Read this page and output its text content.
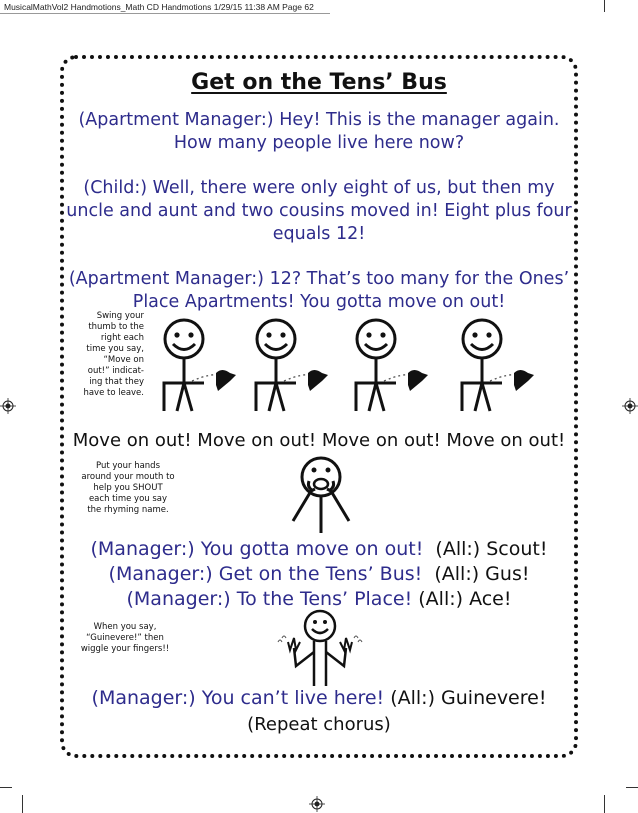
MusicalMathVol2 Handmotions_Math CD Handmotions 1/29/15 11:38 AM Page 62
Get on the Tens’ Bus
(Apartment Manager:) Hey! This is the manager again.
How many people live here now?
(Child:) Well, there were only eight of us, but then my
uncle and aunt and two cousins moved in! Eight plus four
equals 12!
(Apartment Manager:) 12? That’s too many for the Ones’
Place Apartments! You gotta move on out!
Swing your
thumb to the
right each
time you say,
“Move on
out!” indicat-
ing that they
have to leave.
Move on out! Move on out! Move on out! Move on out!
Put your hands
around your mouth to
help you SHOUT
each time you say
the rhyming name.
(Manager:) You gotta move on out! (All:) Scout!
(Manager:) Get on the Tens’ Bus! (All:) Gus!
(Manager:) To the Tens’ Place! (All:) Ace!
When you say,
“Guinevere!” then
wiggle your fingers!!
(Manager:) You can’t live here! (All:) Guinevere!
(Repeat chorus)
